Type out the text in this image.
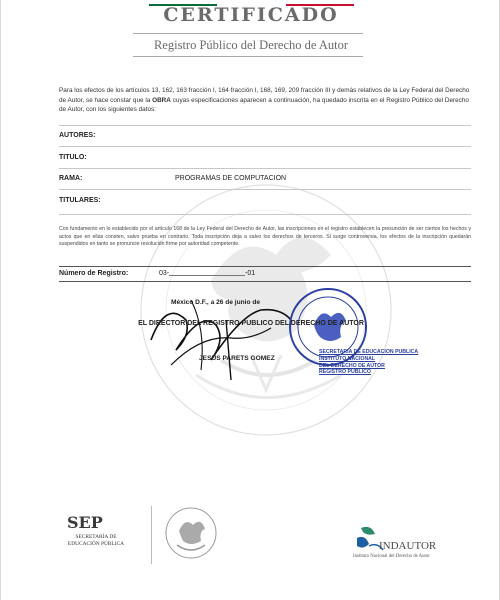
CERTIFICADO
Registro Público del Derecho de Autor
Para los efectos de los artículos 13, 162, 163 fracción I, 164 fracción I, 168, 169, 209 fracción III y demás relativos de la Ley Federal del Derecho de Autor, se hace constar que la OBRA cuyas especificaciones aparecen a continuación, ha quedado inscrita en el Registro Público del Derecho de Autor, con los siguientes datos:
AUTORES:
TITULO:
RAMA:	PROGRAMAS DE COMPUTACION
TITULARES:
Con fundamento en lo establecido por el artículo 168 de la Ley Federal del Derecho de Autor, las inscripciones en el registro establecen la presunción de ser ciertos los hechos y actos que en ellas consten, salvo prueba en contrario. Toda inscripción deja a salvo los derechos de terceros. Si surge controversia, los efectos de la inscripción quedarán suspendidos en tanto se pronuncie resolución firme por autoridad competente.
Número de Registro:	03-	-01
SECRETARIA DE EDUCACION PUBLICA
INSTITUTO NACIONAL
DEL DERECHO DE AUTOR
REGISTRO PUBLICO
México D.F., a 26 de junio de
EL DIRECTOR DEL REGISTRO PUBLICO DEL DERECHO DE AUTOR
JESUS PARETS GOMEZ
SEP
SECRETARÍA DE
EDUCACIÓN PÚBLICA	INDAUTOR
Instituto Nacional del Derecho de Autor
